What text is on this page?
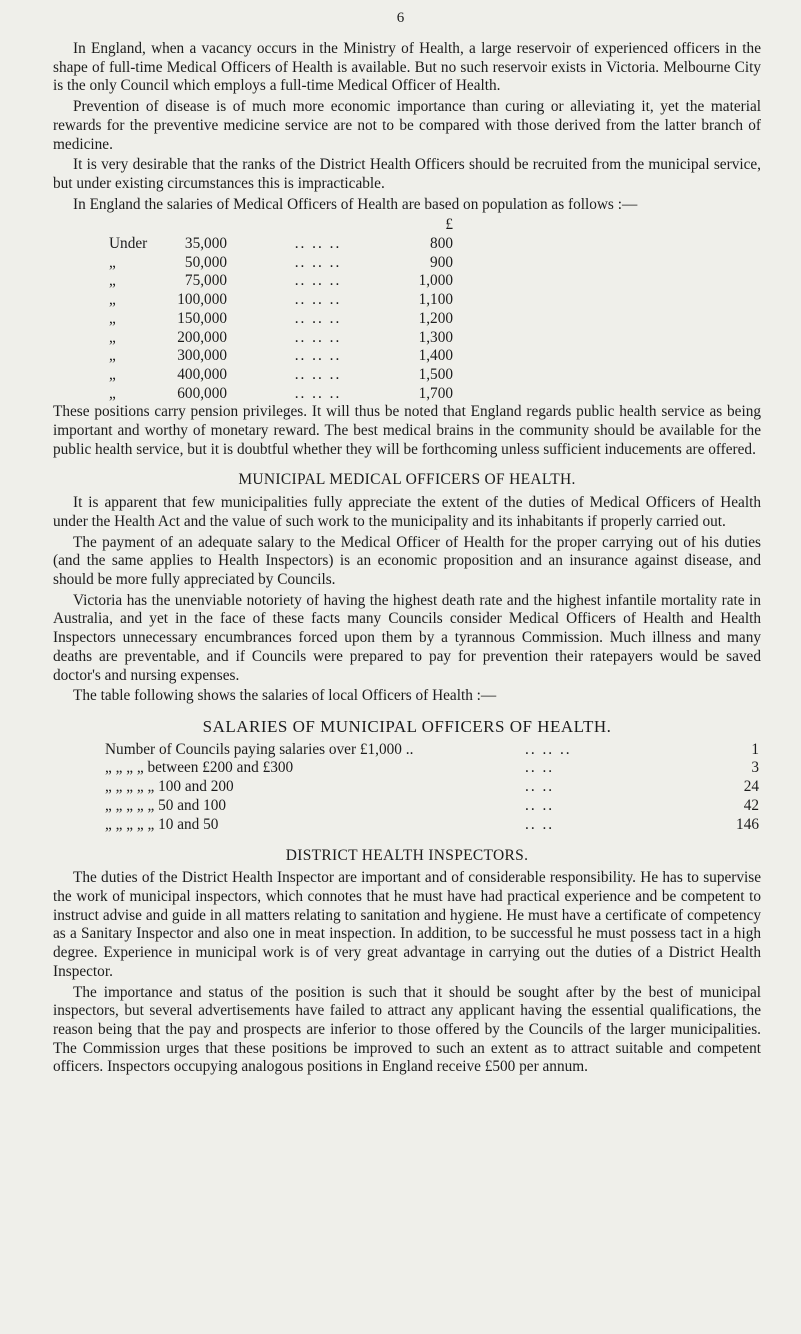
6

In England, when a vacancy occurs in the Ministry of Health, a large reservoir of experienced officers in the shape of full-time Medical Officers of Health is available. But no such reservoir exists in Victoria. Melbourne City is the only Council which employs a full-time Medical Officer of Health.

Prevention of disease is of much more economic importance than curing or alleviating it, yet the material rewards for the preventive medicine service are not to be compared with those derived from the latter branch of medicine.

It is very desirable that the ranks of the District Health Officers should be recruited from the municipal service, but under existing circumstances this is impracticable.

In England the salaries of Medical Officers of Health are based on population as follows :—

			£
Under	35,000	.. .. ..	800
„	50,000	.. .. ..	900
„	75,000	.. .. ..	1,000
„	100,000	.. .. ..	1,100
„	150,000	.. .. ..	1,200
„	200,000	.. .. ..	1,300
„	300,000	.. .. ..	1,400
„	400,000	.. .. ..	1,500
„	600,000	.. .. ..	1,700

These positions carry pension privileges. It will thus be noted that England regards public health service as being important and worthy of monetary reward. The best medical brains in the community should be available for the public health service, but it is doubtful whether they will be forthcoming unless sufficient inducements are offered.

MUNICIPAL MEDICAL OFFICERS OF HEALTH.

It is apparent that few municipalities fully appreciate the extent of the duties of Medical Officers of Health under the Health Act and the value of such work to the municipality and its inhabitants if properly carried out.

The payment of an adequate salary to the Medical Officer of Health for the proper carrying out of his duties (and the same applies to Health Inspectors) is an economic proposition and an insurance against disease, and should be more fully appreciated by Councils.

Victoria has the unenviable notoriety of having the highest death rate and the highest infantile mortality rate in Australia, and yet in the face of these facts many Councils consider Medical Officers of Health and Health Inspectors unnecessary encumbrances forced upon them by a tyrannous Commission. Much illness and many deaths are preventable, and if Councils were prepared to pay for prevention their ratepayers would be saved doctor's and nursing expenses.

The table following shows the salaries of local Officers of Health :—

SALARIES OF MUNICIPAL OFFICERS OF HEALTH.
Number of Councils paying salaries over £1,000 ..	.. .. ..	1
„ „ „ „ between £200 and £300	.. ..	3
„ „ „ „ „ 100 and 200	.. ..	24
„ „ „ „ „ 50 and 100	.. ..	42
„ „ „ „ „ 10 and 50	.. ..	146
DISTRICT HEALTH INSPECTORS.

The duties of the District Health Inspector are important and of considerable responsibility. He has to supervise the work of municipal inspectors, which connotes that he must have had practical experience and be competent to instruct advise and guide in all matters relating to sanitation and hygiene. He must have a certificate of competency as a Sanitary Inspector and also one in meat inspection. In addition, to be successful he must possess tact in a high degree. Experience in municipal work is of very great advantage in carrying out the duties of a District Health Inspector.

The importance and status of the position is such that it should be sought after by the best of municipal inspectors, but several advertisements have failed to attract any applicant having the essential qualifications, the reason being that the pay and prospects are inferior to those offered by the Councils of the larger municipalities. The Commission urges that these positions be improved to such an extent as to attract suitable and competent officers. Inspectors occupying analogous positions in England receive £500 per annum.
